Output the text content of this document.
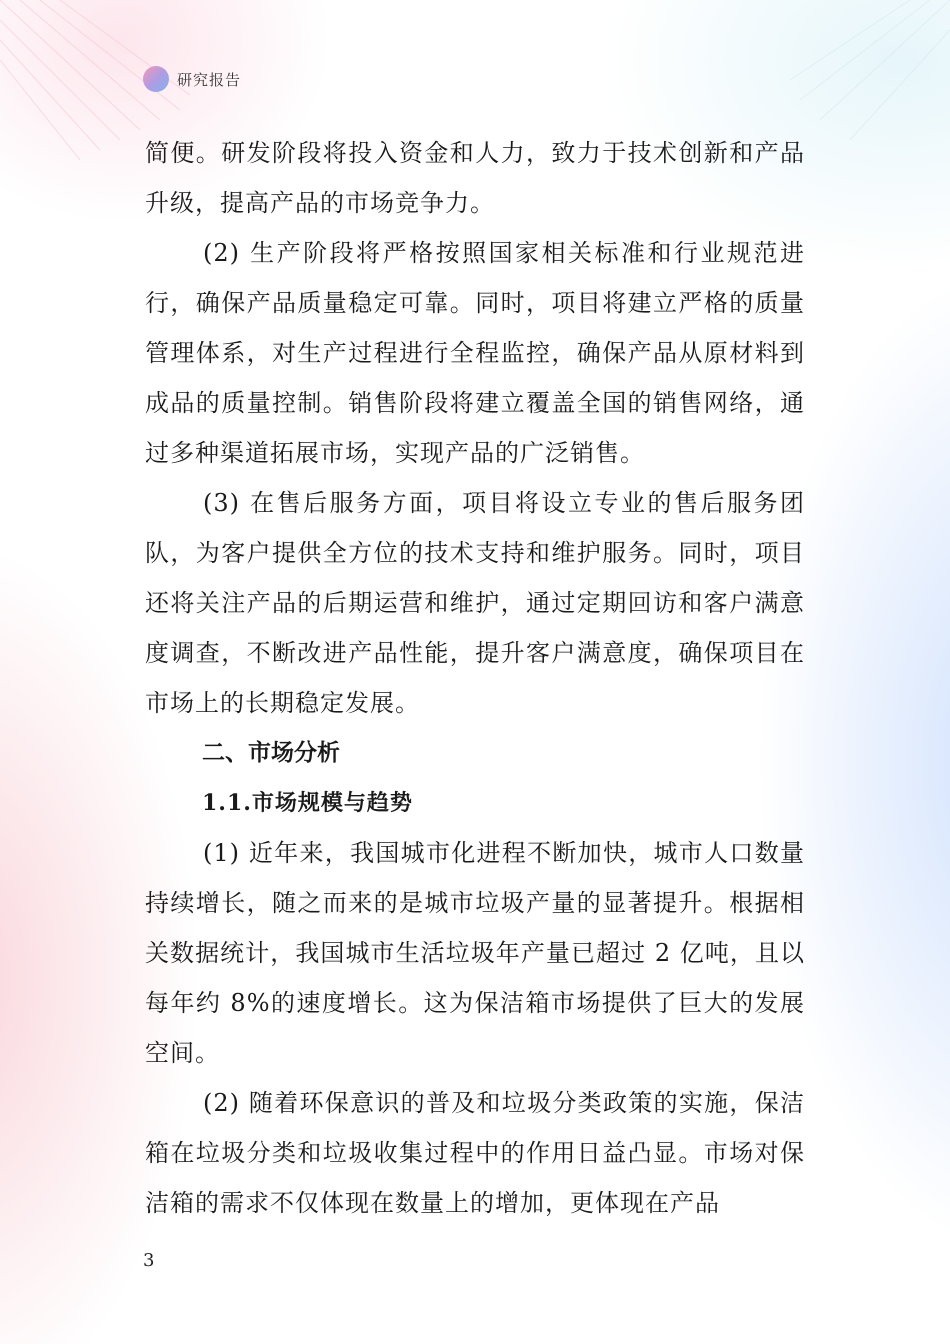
研究报告

简便。研发阶段将投入资金和人力，致力于技术创新和产品升级，提高产品的市场竞争力。

(2) 生产阶段将严格按照国家相关标准和行业规范进行，确保产品质量稳定可靠。同时，项目将建立严格的质量管理体系，对生产过程进行全程监控，确保产品从原材料到成品的质量控制。销售阶段将建立覆盖全国的销售网络，通过多种渠道拓展市场，实现产品的广泛销售。

(3) 在售后服务方面，项目将设立专业的售后服务团队，为客户提供全方位的技术支持和维护服务。同时，项目还将关注产品的后期运营和维护，通过定期回访和客户满意度调查，不断改进产品性能，提升客户满意度，确保项目在市场上的长期稳定发展。

二、市场分析
1.1.市场规模与趋势

(1) 近年来，我国城市化进程不断加快，城市人口数量持续增长，随之而来的是城市垃圾产量的显著提升。根据相关数据统计，我国城市生活垃圾年产量已超过 2 亿吨，且以每年约 8%的速度增长。这为保洁箱市场提供了巨大的发展空间。

(2) 随着环保意识的普及和垃圾分类政策的实施，保洁箱在垃圾分类和垃圾收集过程中的作用日益凸显。市场对保洁箱的需求不仅体现在数量上的增加，更体现在产品

3
